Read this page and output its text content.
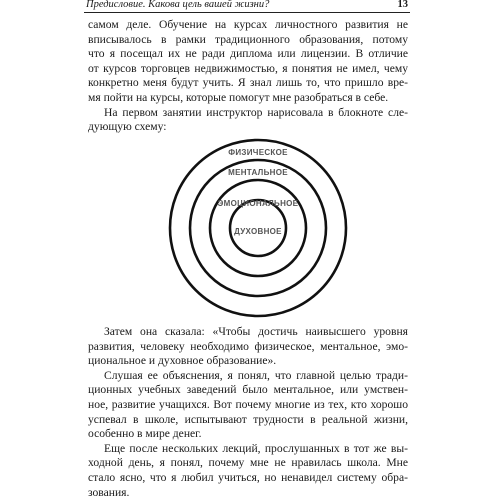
Предисловие. Какова цель вашей жизни?	13

самом деле. Обучение на курсах личностного развития не
вписывалось в рамки традиционного образования, потому
что я посещал их не ради диплома или лицензии. В отличие
от курсов торговцев недвижимостью, я понятия не имел, чему
конкретно меня будут учить. Я знал лишь то, что пришло вре-
мя пойти на курсы, которые помогут мне разобраться в себе.

На первом занятии инструктор нарисовала в блокноте сле-
дующую схему:

ФИЗИЧЕСКОЕ
МЕНТАЛЬНОЕ
ЭМОЦИОНАЛЬНОЕ
ДУХОВНОЕ

Затем она сказала: «Чтобы достичь наивысшего уровня
развития, человеку необходимо физическое, ментальное, эмо-
циональное и духовное образование».

Слушая ее объяснения, я понял, что главной целью тради-
ционных учебных заведений было ментальное, или умствен-
ное, развитие учащихся. Вот почему многие из тех, кто хорошо
успевал в школе, испытывают трудности в реальной жизни,
особенно в мире денег.

Еще после нескольких лекций, прослушанных в тот же вы-
ходной день, я понял, почему мне не нравилась школа. Мне
стало ясно, что я любил учиться, но ненавидел систему обра-
зования.
